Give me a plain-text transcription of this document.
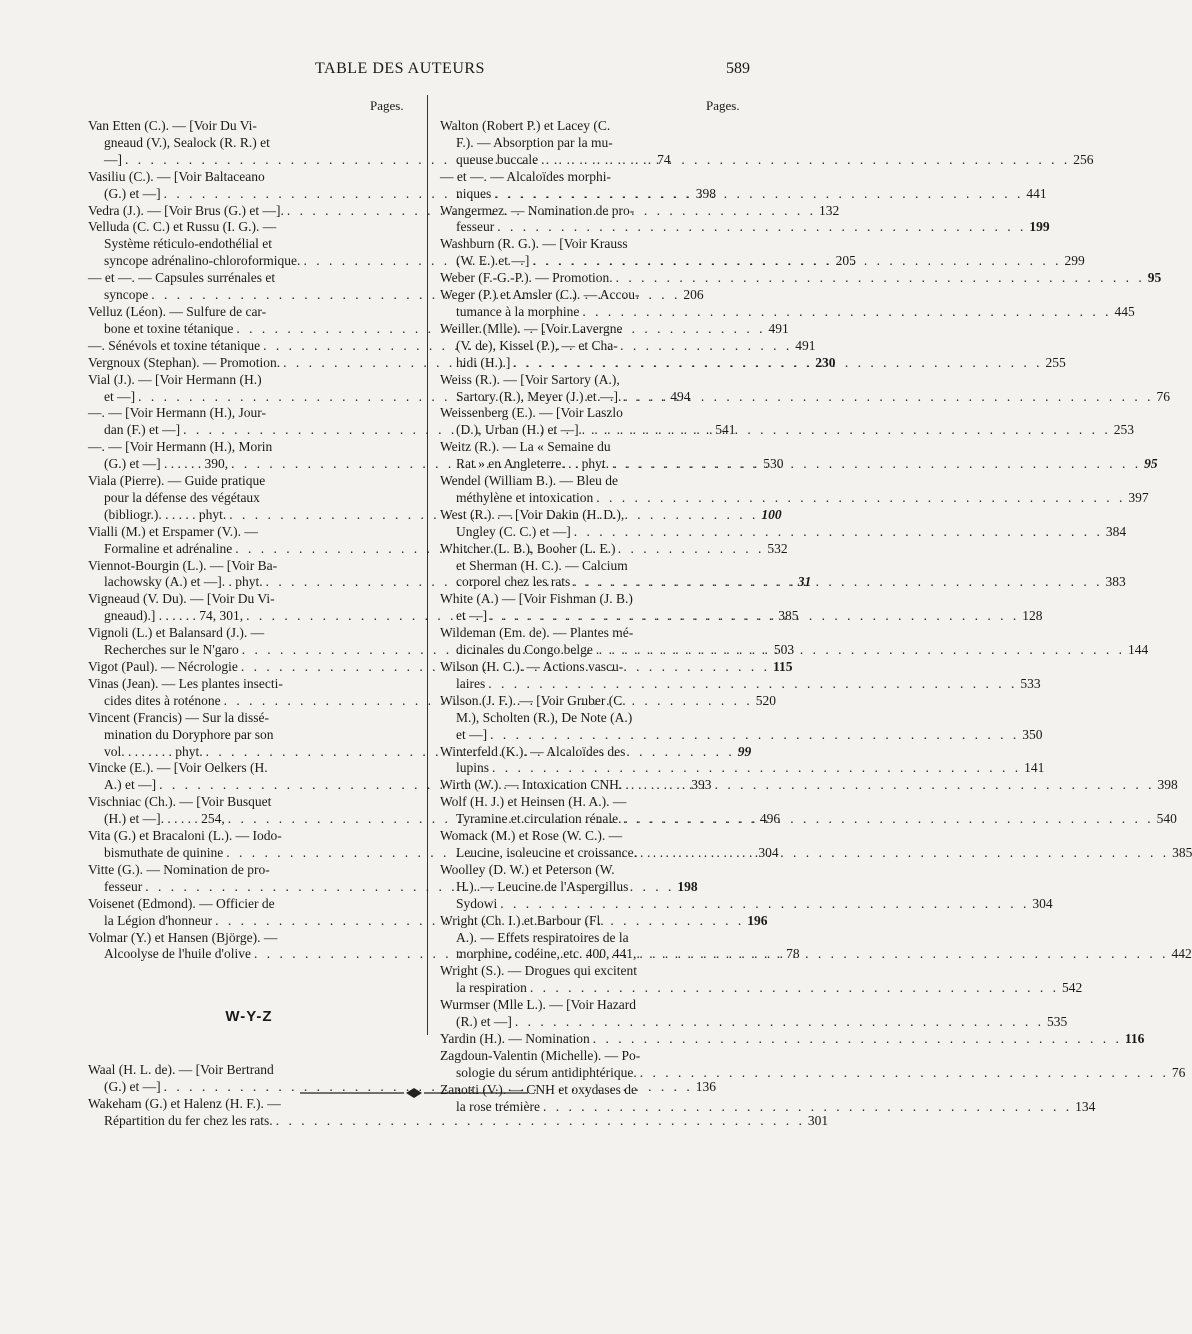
TABLE DES AUTEURS	589
Pages.	Pages.
Van Etten (C.). — [Voir Du Vi-
gneaud (V.), Sealock (R. R.) et
—] . . .	74
Vasiliu (C.). — [Voir Baltaceano
(G.) et —] . . .	398
Vedra (J.). — [Voir Brus (G.) et —]. . . .	132
Velluda (C. C.) et Russu (I. G.). —
Système réticulo-endothélial et
syncope adrénalino-chloroformique. . . .	205
— et —. — Capsules surrénales et
syncope . . .	206
Velluz (Léon). — Sulfure de car-
bone et toxine tétanique . . .	491
—. Sénévols et toxine tétanique . . .	491
Vergnoux (Stephan). — Promotion. . . .	230
Vial (J.). — [Voir Hermann (H.)
et —] . . .	494
—. — [Voir Hermann (H.), Jour-
dan (F.) et —] . . .	541
—. — [Voir Hermann (H.), Morin
(G.) et —] . . . . . . 390, . . .	530
Viala (Pierre). — Guide pratique
pour la défense des végétaux
(bibliogr.). . . . . . phyt. . . .	100
Vialli (M.) et Erspamer (V.). —
Formaline et adrénaline . . .	532
Viennot-Bourgin (L.). — [Voir Ba-
lachowsky (A.) et —]. . phyt. . . .	31
Vigneaud (V. Du). — [Voir Du Vi-
gneaud).] . . . . . . 74, 301, . . .	385
Vignoli (L.) et Balansard (J.). —
Recherches sur le N'garo . . .	503
Vigot (Paul). — Nécrologie . . .	115
Vinas (Jean). — Les plantes insecti-
cides dites à roténone . . .	520
Vincent (Francis) — Sur la dissé-
mination du Doryphore par son
vol. . . . . . . . phyt. . . .	99
Vincke (E.). — [Voir Oelkers (H.
A.) et —] . . .	393
Vischniac (Ch.). — [Voir Busquet
(H.) et —]. . . . . . 254, . . .	496
Vita (G.) et Bracaloni (L.). — Iodo-
bismuthate de quinine . . .	304
Vitte (G.). — Nomination de pro-
fesseur . . .	198
Voisenet (Edmond). — Officier de
la Légion d'honneur . . .	196
Volmar (Y.) et Hansen (Björge). —
Alcoolyse de l'huile d'olive . . .	78
W-Y-Z
Waal (H. L. de). — [Voir Bertrand
(G.) et —] . . .	136
Wakeham (G.) et Halenz (H. F.). —
Répartition du fer chez les rats. . . .	301
Walton (Robert P.) et Lacey (C.
F.). — Absorption par la mu-
queuse buccale . . .	256
— et —. — Alcaloïdes morphi-
niques . . .	441
Wangermez. — Nomination de pro-
fesseur . . .	199
Washburn (R. G.). — [Voir Krauss
(W. E.) et —] . . .	299
Weber (F.-G.-P.). — Promotion. . . .	95
Weger (P.) et Amsler (C.). — Accou-
tumance à la morphine . . .	445
Weiller (Mlle). — [Voir Lavergne
(V. de), Kissel (P.), — et Cha-
hidi (H.).] . . .	255
Weiss (R.). — [Voir Sartory (A.),
Sartory (R.), Meyer (J.) et —]. . . .	76
Weissenberg (E.). — [Voir Laszlo
(D.), Urban (H.) et —] . . .	253
Weitz (R.). — La « Semaine du
Rat » en Angleterre. . . phyt. . . .	95
Wendel (William B.). — Bleu de
méthylène et intoxication . . .	397
West (R.). — [Voir Dakin (H. D.),
Ungley (C. C.) et —] . . .	384
Whitcher (L. B.), Booher (L. E.)
et Sherman (H. C.). — Calcium
corporel chez les rats . . .	383
White (A.) — [Voir Fishman (J. B.)
et —] . . .	128
Wildeman (Em. de). — Plantes mé-
dicinales du Congo belge . . .	144
Wilson (H. C.). — Actions vascu-
laires . . .	533
Wilson (J. F.). — [Voir Gruber (C.
M.), Scholten (R.), De Note (A.)
et —] . . .	350
Winterfeld (K.). — Alcaloïdes des
lupins . . .	141
Wirth (W.). — Intoxication CNH. . . .	398
Wolf (H. J.) et Heinsen (H. A.). —
Tyramine et circulation rénale. . . .	540
Womack (M.) et Rose (W. C.). —
Leucine, isoleucine et croissance. . . .	385
Woolley (D. W.) et Peterson (W.
H.). — Leucine de l'Aspergillus
Sydowi . . .	304
Wright (Ch. I.) et Barbour (Fl.
A.). — Effets respiratoires de la
morphine, codéine, etc. 400, 441, . . .	442
Wright (S.). — Drogues qui excitent
la respiration . . .	542
Wurmser (Mlle L.). — [Voir Hazard
(R.) et —] . . .	535
Yardin (H.). — Nomination . . .	116
Zagdoun-Valentin (Michelle). — Po-
sologie du sérum antidiphtérique. . . .	76
Zanotti (V.). — CNH et oxydases de
la rose trémière . . .	134
